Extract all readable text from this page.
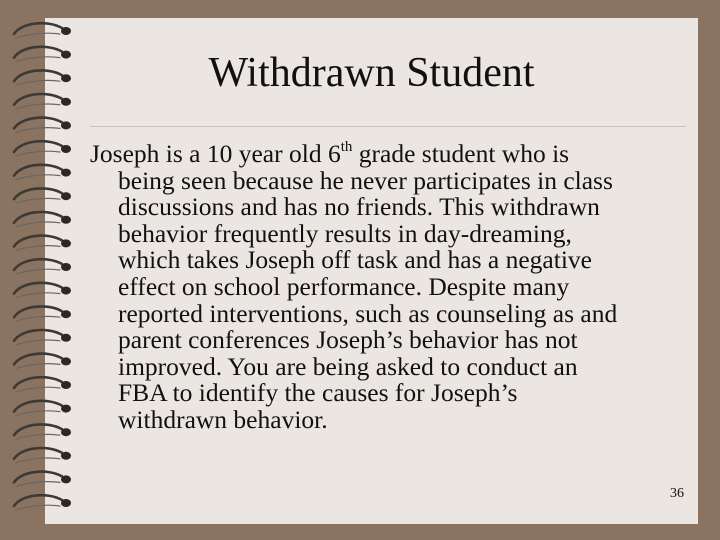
Withdrawn Student

Joseph is a 10 year old 6th grade student who is
being seen because he never participates in class
discussions and has no friends. This withdrawn
behavior frequently results in day-dreaming,
which takes Joseph off task and has a negative
effect on school performance. Despite many
reported interventions, such as counseling as and
parent conferences Joseph’s behavior has not
improved. You are being asked to conduct an
FBA to identify the causes for Joseph’s
withdrawn behavior.

36
